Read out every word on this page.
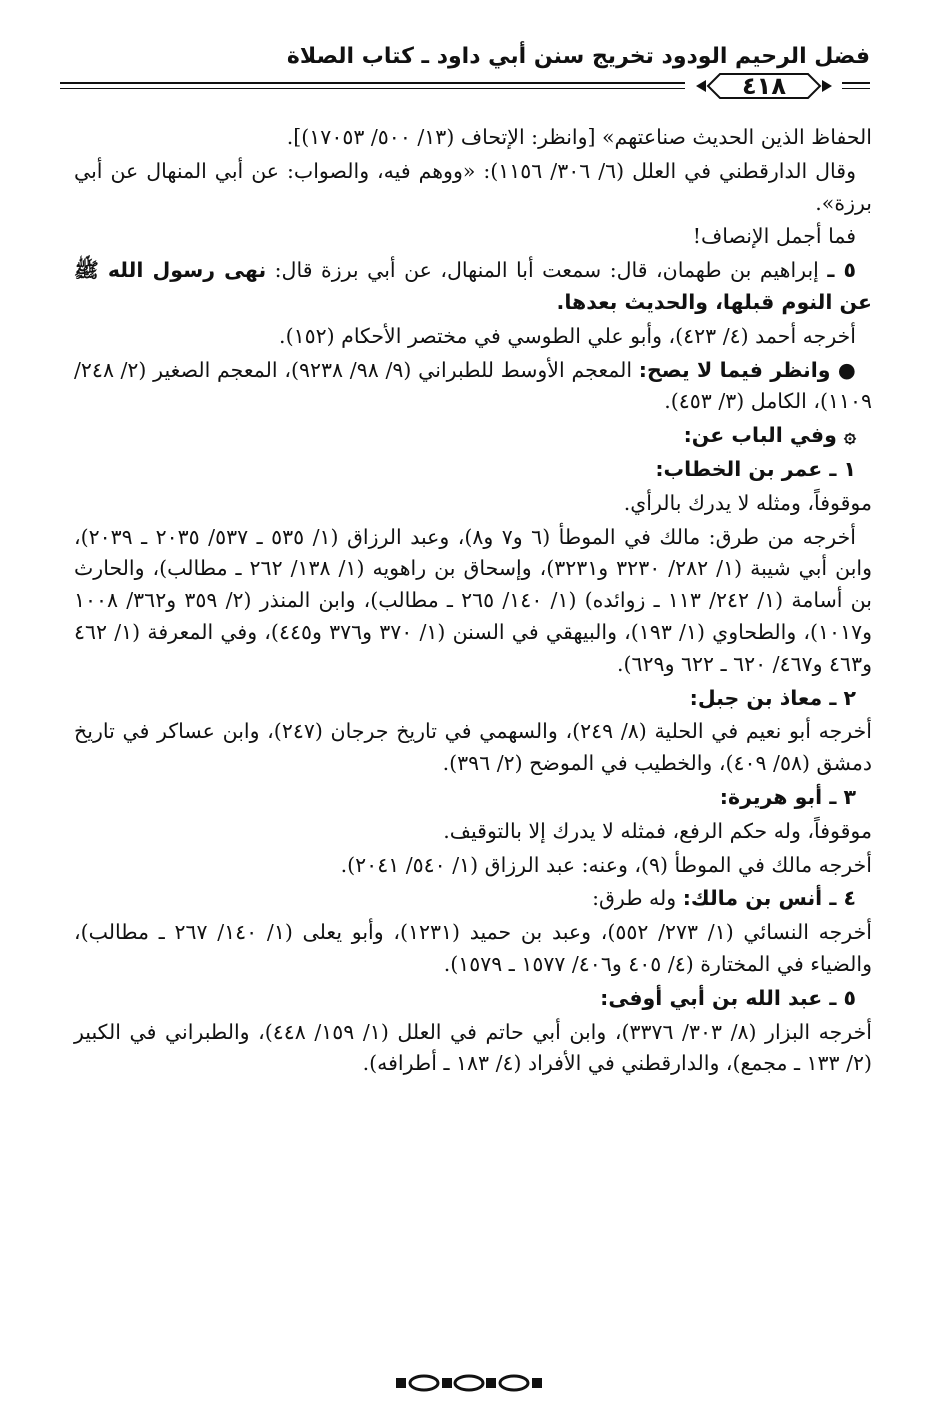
فضل الرحيم الودود تخريج سنن أبي داود ـ كتاب الصلاة
٤١٨

الحفاظ الذين الحديث صناعتهم» [وانظر: الإتحاف (١٣/ ٥٠٠/ ١٧٠٥٣)].

وقال الدارقطني في العلل (٦/ ٣٠٦/ ١١٥٦): «ووهم فيه، والصواب: عن أبي المنهال عن أبي برزة».

فما أجمل الإنصاف!

٥ ـ إبراهيم بن طهمان، قال: سمعت أبا المنهال، عن أبي برزة قال: نهى رسول الله ﷺ عن النوم قبلها، والحديث بعدها.

أخرجه أحمد (٤/ ٤٢٣)، وأبو علي الطوسي في مختصر الأحكام (١٥٢).

● وانظر فيما لا يصح: المعجم الأوسط للطبراني (٩/ ٩٨/ ٩٢٣٨)، المعجم الصغير (٢/ ٢٤٨/ ١١٠٩)، الكامل (٣/ ٤٥٣).

۞ وفي الباب عن:

١ ـ عمر بن الخطاب:

موقوفاً، ومثله لا يدرك بالرأي.

أخرجه من طرق: مالك في الموطأ (٦ و٧ و٨)، وعبد الرزاق (١/ ٥٣٥ ـ ٥٣٧/ ٢٠٣٥ ـ ٢٠٣٩)، وابن أبي شيبة (١/ ٢٨٢/ ٣٢٣٠ و٣٢٣١)، وإسحاق بن راهويه (١/ ١٣٨/ ٢٦٢ ـ مطالب)، والحارث بن أسامة (١/ ٢٤٢/ ١١٣ ـ زوائده) (١/ ١٤٠/ ٢٦٥ ـ مطالب)، وابن المنذر (٢/ ٣٥٩ و٣٦٢/ ١٠٠٨ و١٠١٧)، والطحاوي (١/ ١٩٣)، والبيهقي في السنن (١/ ٣٧٠ و٣٧٦ و٤٤٥)، وفي المعرفة (١/ ٤٦٢ و٤٦٣ و٤٦٧/ ٦٢٠ ـ ٦٢٢ و٦٢٩).

٢ ـ معاذ بن جبل:

أخرجه أبو نعيم في الحلية (٨/ ٢٤٩)، والسهمي في تاريخ جرجان (٢٤٧)، وابن عساكر في تاريخ دمشق (٥٨/ ٤٠٩)، والخطيب في الموضح (٢/ ٣٩٦).

٣ ـ أبو هريرة:

موقوفاً، وله حكم الرفع، فمثله لا يدرك إلا بالتوقيف.

أخرجه مالك في الموطأ (٩)، وعنه: عبد الرزاق (١/ ٥٤٠/ ٢٠٤١).

٤ ـ أنس بن مالك: وله طرق:

أخرجه النسائي (١/ ٢٧٣/ ٥٥٢)، وعبد بن حميد (١٢٣١)، وأبو يعلى (١/ ١٤٠/ ٢٦٧ ـ مطالب)، والضياء في المختارة (٤/ ٤٠٥ و٤٠٦/ ١٥٧٧ ـ ١٥٧٩).

٥ ـ عبد الله بن أبي أوفى:

أخرجه البزار (٨/ ٣٠٣/ ٣٣٧٦)، وابن أبي حاتم في العلل (١/ ١٥٩/ ٤٤٨)، والطبراني في الكبير (٢/ ١٣٣ ـ مجمع)، والدارقطني في الأفراد (٤/ ١٨٣ ـ أطرافه).
